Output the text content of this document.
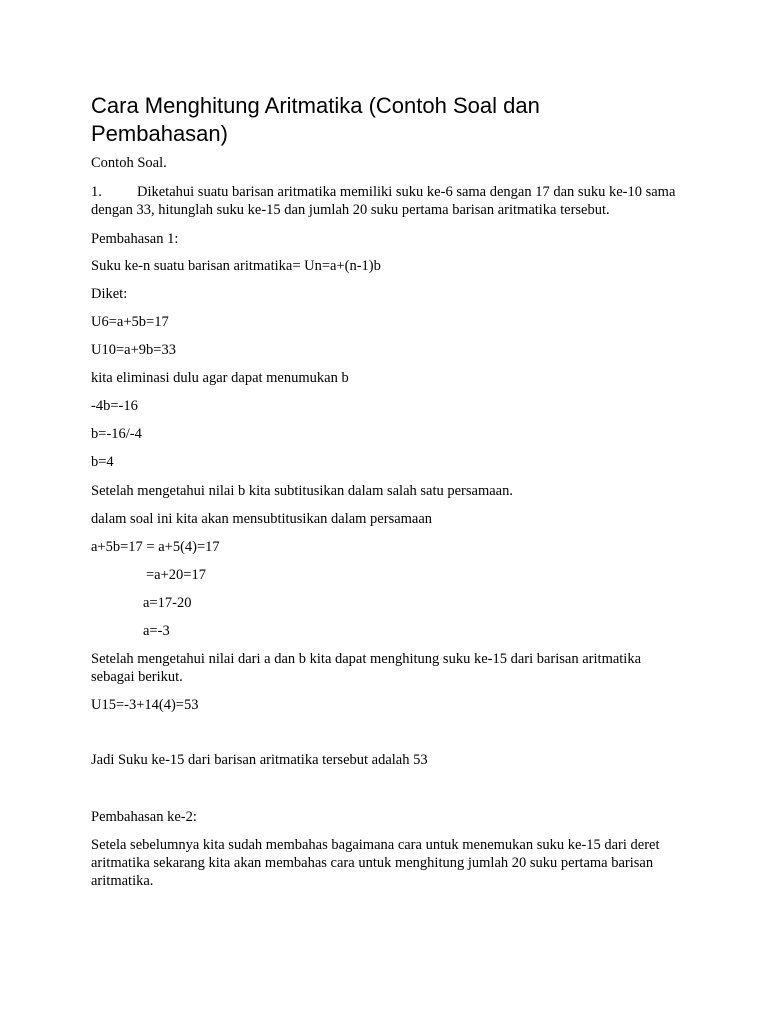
Cara Menghitung Aritmatika (Contoh Soal dan Pembahasan)

Contoh Soal.

1. Diketahui suatu barisan aritmatika memiliki suku ke-6 sama dengan 17 dan suku ke-10 sama dengan 33, hitunglah suku ke-15 dan jumlah 20 suku pertama barisan aritmatika tersebut.

Pembahasan 1:

Suku ke-n suatu barisan aritmatika= Un=a+(n-1)b

Diket:

U6=a+5b=17

U10=a+9b=33

kita eliminasi dulu agar dapat menumukan b

-4b=-16

b=-16/-4

b=4

Setelah mengetahui nilai b kita subtitusikan dalam salah satu persamaan.

dalam soal ini kita akan mensubtitusikan dalam persamaan

a+5b=17 = a+5(4)=17

=a+20=17

a=17-20

a=-3

Setelah mengetahui nilai dari a dan b kita dapat menghitung suku ke-15 dari barisan aritmatika sebagai berikut.

U15=-3+14(4)=53

Jadi Suku ke-15 dari barisan aritmatika tersebut adalah 53

Pembahasan ke-2:

Setela sebelumnya kita sudah membahas bagaimana cara untuk menemukan suku ke-15 dari deret aritmatika sekarang kita akan membahas cara untuk menghitung jumlah 20 suku pertama barisan aritmatika.
